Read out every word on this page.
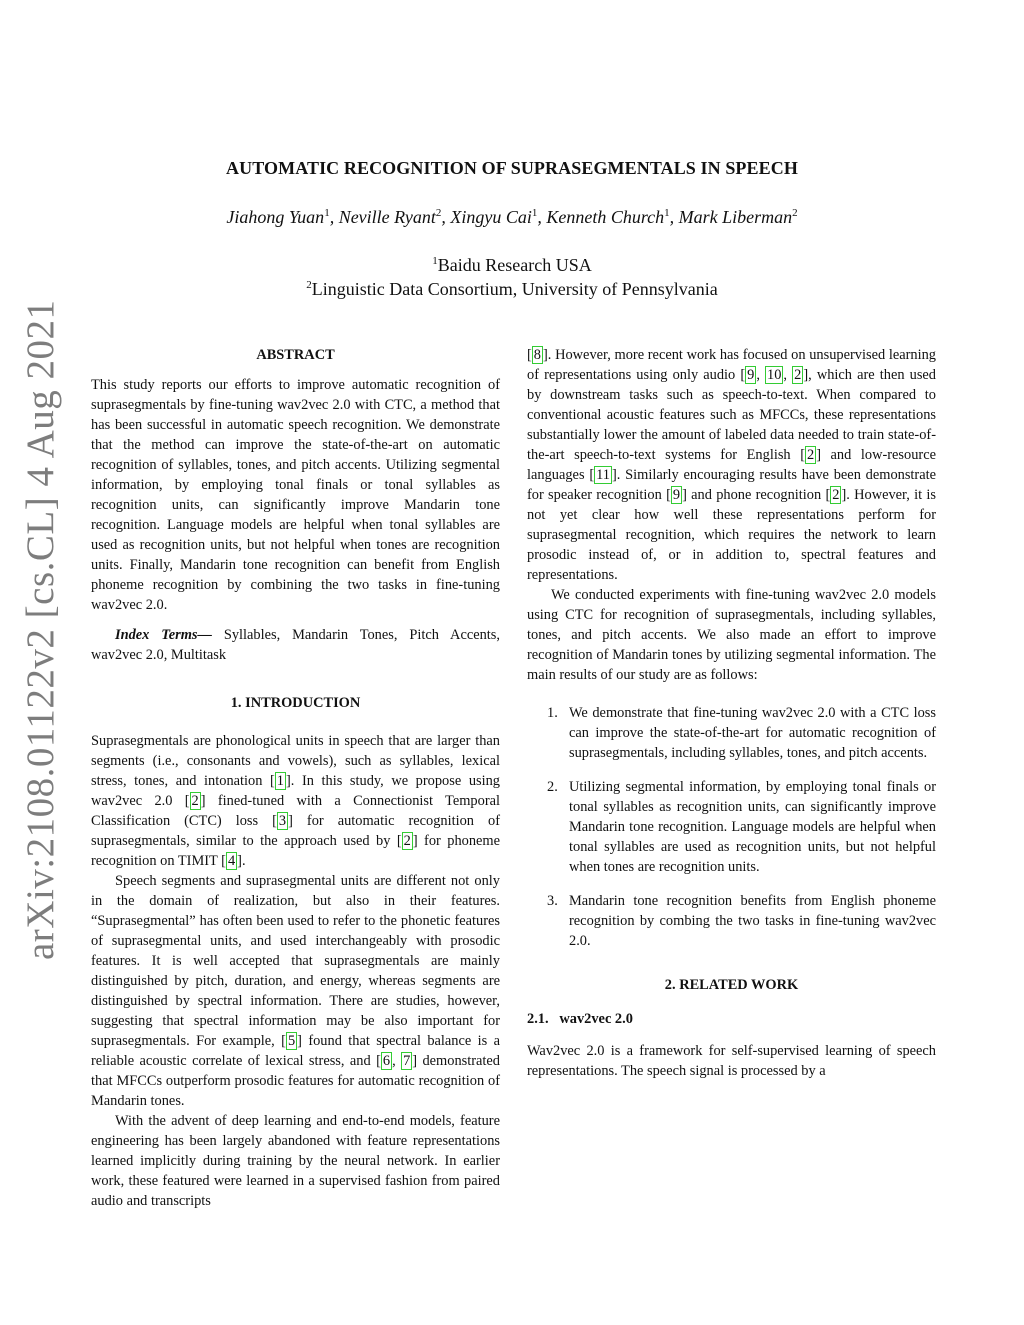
arXiv:2108.01122v2 [cs.CL] 4 Aug 2021
AUTOMATIC RECOGNITION OF SUPRASEGMENTALS IN SPEECH
Jiahong Yuan$^1$, Neville Ryant$^2$, Xingyu Cai$^1$, Kenneth Church$^1$, Mark Liberman$^2$
$^1$Baidu Research USA
$^2$Linguistic Data Consortium, University of Pennsylvania
ABSTRACT

This study reports our efforts to improve automatic recognition of suprasegmentals by fine-tuning wav2vec 2.0 with CTC, a method that has been successful in automatic speech recognition. We demonstrate that the method can improve the state-of-the-art on automatic recognition of syllables, tones, and pitch accents. Utilizing segmental information, by employing tonal finals or tonal syllables as recognition units, can significantly improve Mandarin tone recognition. Language models are helpful when tonal syllables are used as recognition units, but not helpful when tones are recognition units. Finally, Mandarin tone recognition can benefit from English phoneme recognition by combining the two tasks in fine-tuning wav2vec 2.0.

Index Terms— Syllables, Mandarin Tones, Pitch Accents, wav2vec 2.0, Multitask

1. INTRODUCTION

Suprasegmentals are phonological units in speech that are larger than segments (i.e., consonants and vowels), such as syllables, lexical stress, tones, and intonation [ 1 ]. In this study, we propose using wav2vec 2.0 [ 2 ] fined-tuned with a Connectionist Temporal Classification (CTC) loss [ 3 ] for automatic recognition of suprasegmentals, similar to the approach used by [ 2 ] for phoneme recognition on TIMIT [ 4 ].

Speech segments and suprasegmental units are different not only in the domain of realization, but also in their features. “Suprasegmental” has often been used to refer to the phonetic features of suprasegmental units, and used interchangeably with prosodic features. It is well accepted that suprasegmentals are mainly distinguished by pitch, duration, and energy, whereas segments are distinguished by spectral information. There are studies, however, suggesting that spectral information may be also important for suprasegmentals. For example, [ 5 ] found that spectral balance is a reliable acoustic correlate of lexical stress, and [ 6 , 7 ] demonstrated that MFCCs outperform prosodic features for automatic recognition of Mandarin tones.

With the advent of deep learning and end-to-end models, feature engineering has been largely abandoned with feature representations learned implicitly during training by the neural network. In earlier work, these featured were learned in a supervised fashion from paired audio and transcripts

[ 8 ]. However, more recent work has focused on unsupervised learning of representations using only audio [ 9 , 10 , 2 ], which are then used by downstream tasks such as speech-to-text. When compared to conventional acoustic features such as MFCCs, these representations substantially lower the amount of labeled data needed to train state-of-the-art speech-to-text systems for English [ 2 ] and low-resource languages [ 11 ]. Similarly encouraging results have been demonstrate for speaker recognition [ 9 ] and phone recognition [ 2 ]. However, it is not yet clear how well these representations perform for suprasegmental recognition, which requires the network to learn prosodic instead of, or in addition to, spectral features and representations.

We conducted experiments with fine-tuning wav2vec 2.0 models using CTC for recognition of suprasegmentals, including syllables, tones, and pitch accents. We also made an effort to improve recognition of Mandarin tones by utilizing segmental information. The main results of our study are as follows:

1. We demonstrate that fine-tuning wav2vec 2.0 with a CTC loss can improve the state-of-the-art for automatic recognition of suprasegmentals, including syllables, tones, and pitch accents.
2. Utilizing segmental information, by employing tonal finals or tonal syllables as recognition units, can significantly improve Mandarin tone recognition. Language models are helpful when tonal syllables are used as recognition units, but not helpful when tones are recognition units.
3. Mandarin tone recognition benefits from English phoneme recognition by combing the two tasks in fine-tuning wav2vec 2.0.
2. RELATED WORK

2.1.   wav2vec 2.0

Wav2vec 2.0 is a framework for self-supervised learning of speech representations. The speech signal is processed by a
